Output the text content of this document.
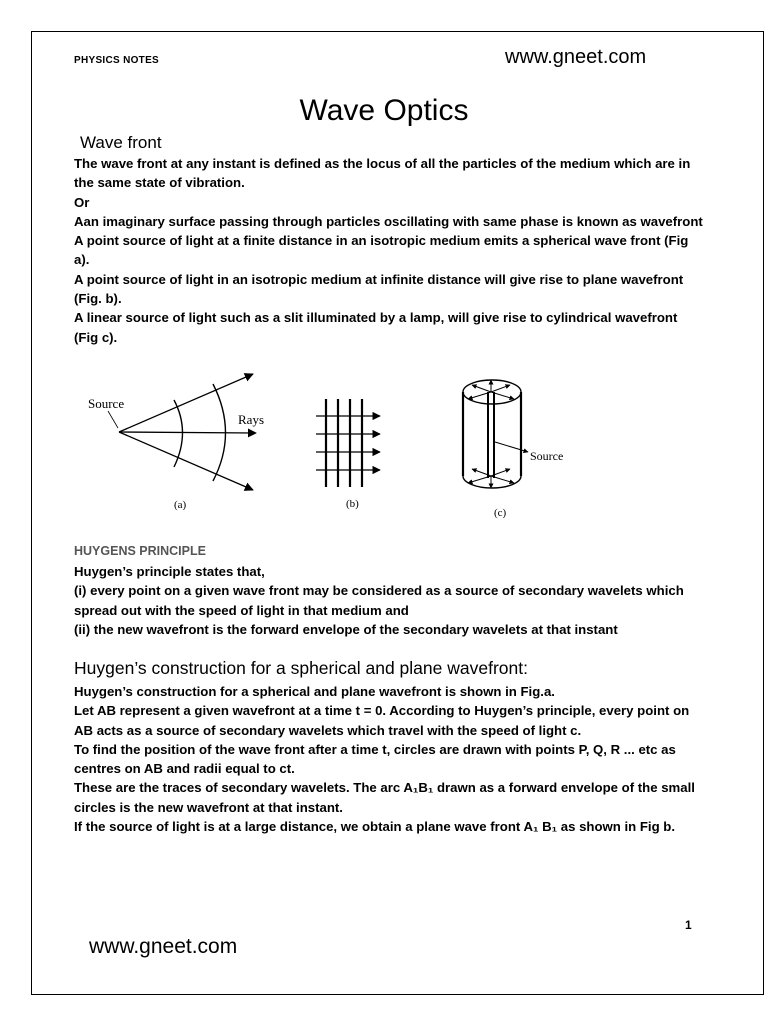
PHYSICS NOTES	www.gneet.com
Wave Optics
Wave front

The wave front at any instant is defined as the locus of all the particles of the medium which are in the same state of vibration.

Or

Aan imaginary surface passing through particles oscillating with same phase is known as wavefront

A point source of light at a finite distance in an isotropic medium emits a spherical wave front (Fig a).

A point source of light in an isotropic medium at infinite distance will give rise to plane wavefront (Fig. b).

A linear source of light such as a slit illuminated by a lamp, will give rise to cylindrical wavefront (Fig c).

Source
Rays
(a)	(b)
Source
(c)
HUYGENS PRINCIPLE

Huygen’s principle states that,

(i) every point on a given wave front may be considered as a source of secondary wavelets which spread out with the speed of light in that medium and

(ii) the new wavefront is the forward envelope of the secondary wavelets at that instant

Huygen’s construction for a spherical and plane wavefront:

Huygen’s construction for a spherical and plane wavefront is shown in Fig.a.

Let AB represent a given wavefront at a time t = 0. According to Huygen’s principle, every point on AB acts as a source of secondary wavelets which travel with the speed of light c.

To find the position of the wave front after a time t, circles are drawn with points P, Q, R ... etc as centres on AB and radii equal to ct.

These are the traces of secondary wavelets. The arc A₁B₁ drawn as a forward envelope of the small circles is the new wavefront at that instant.

If the source of light is at a large distance, we obtain a plane wave front A₁ B₁ as shown in Fig b.

1
www.gneet.com
